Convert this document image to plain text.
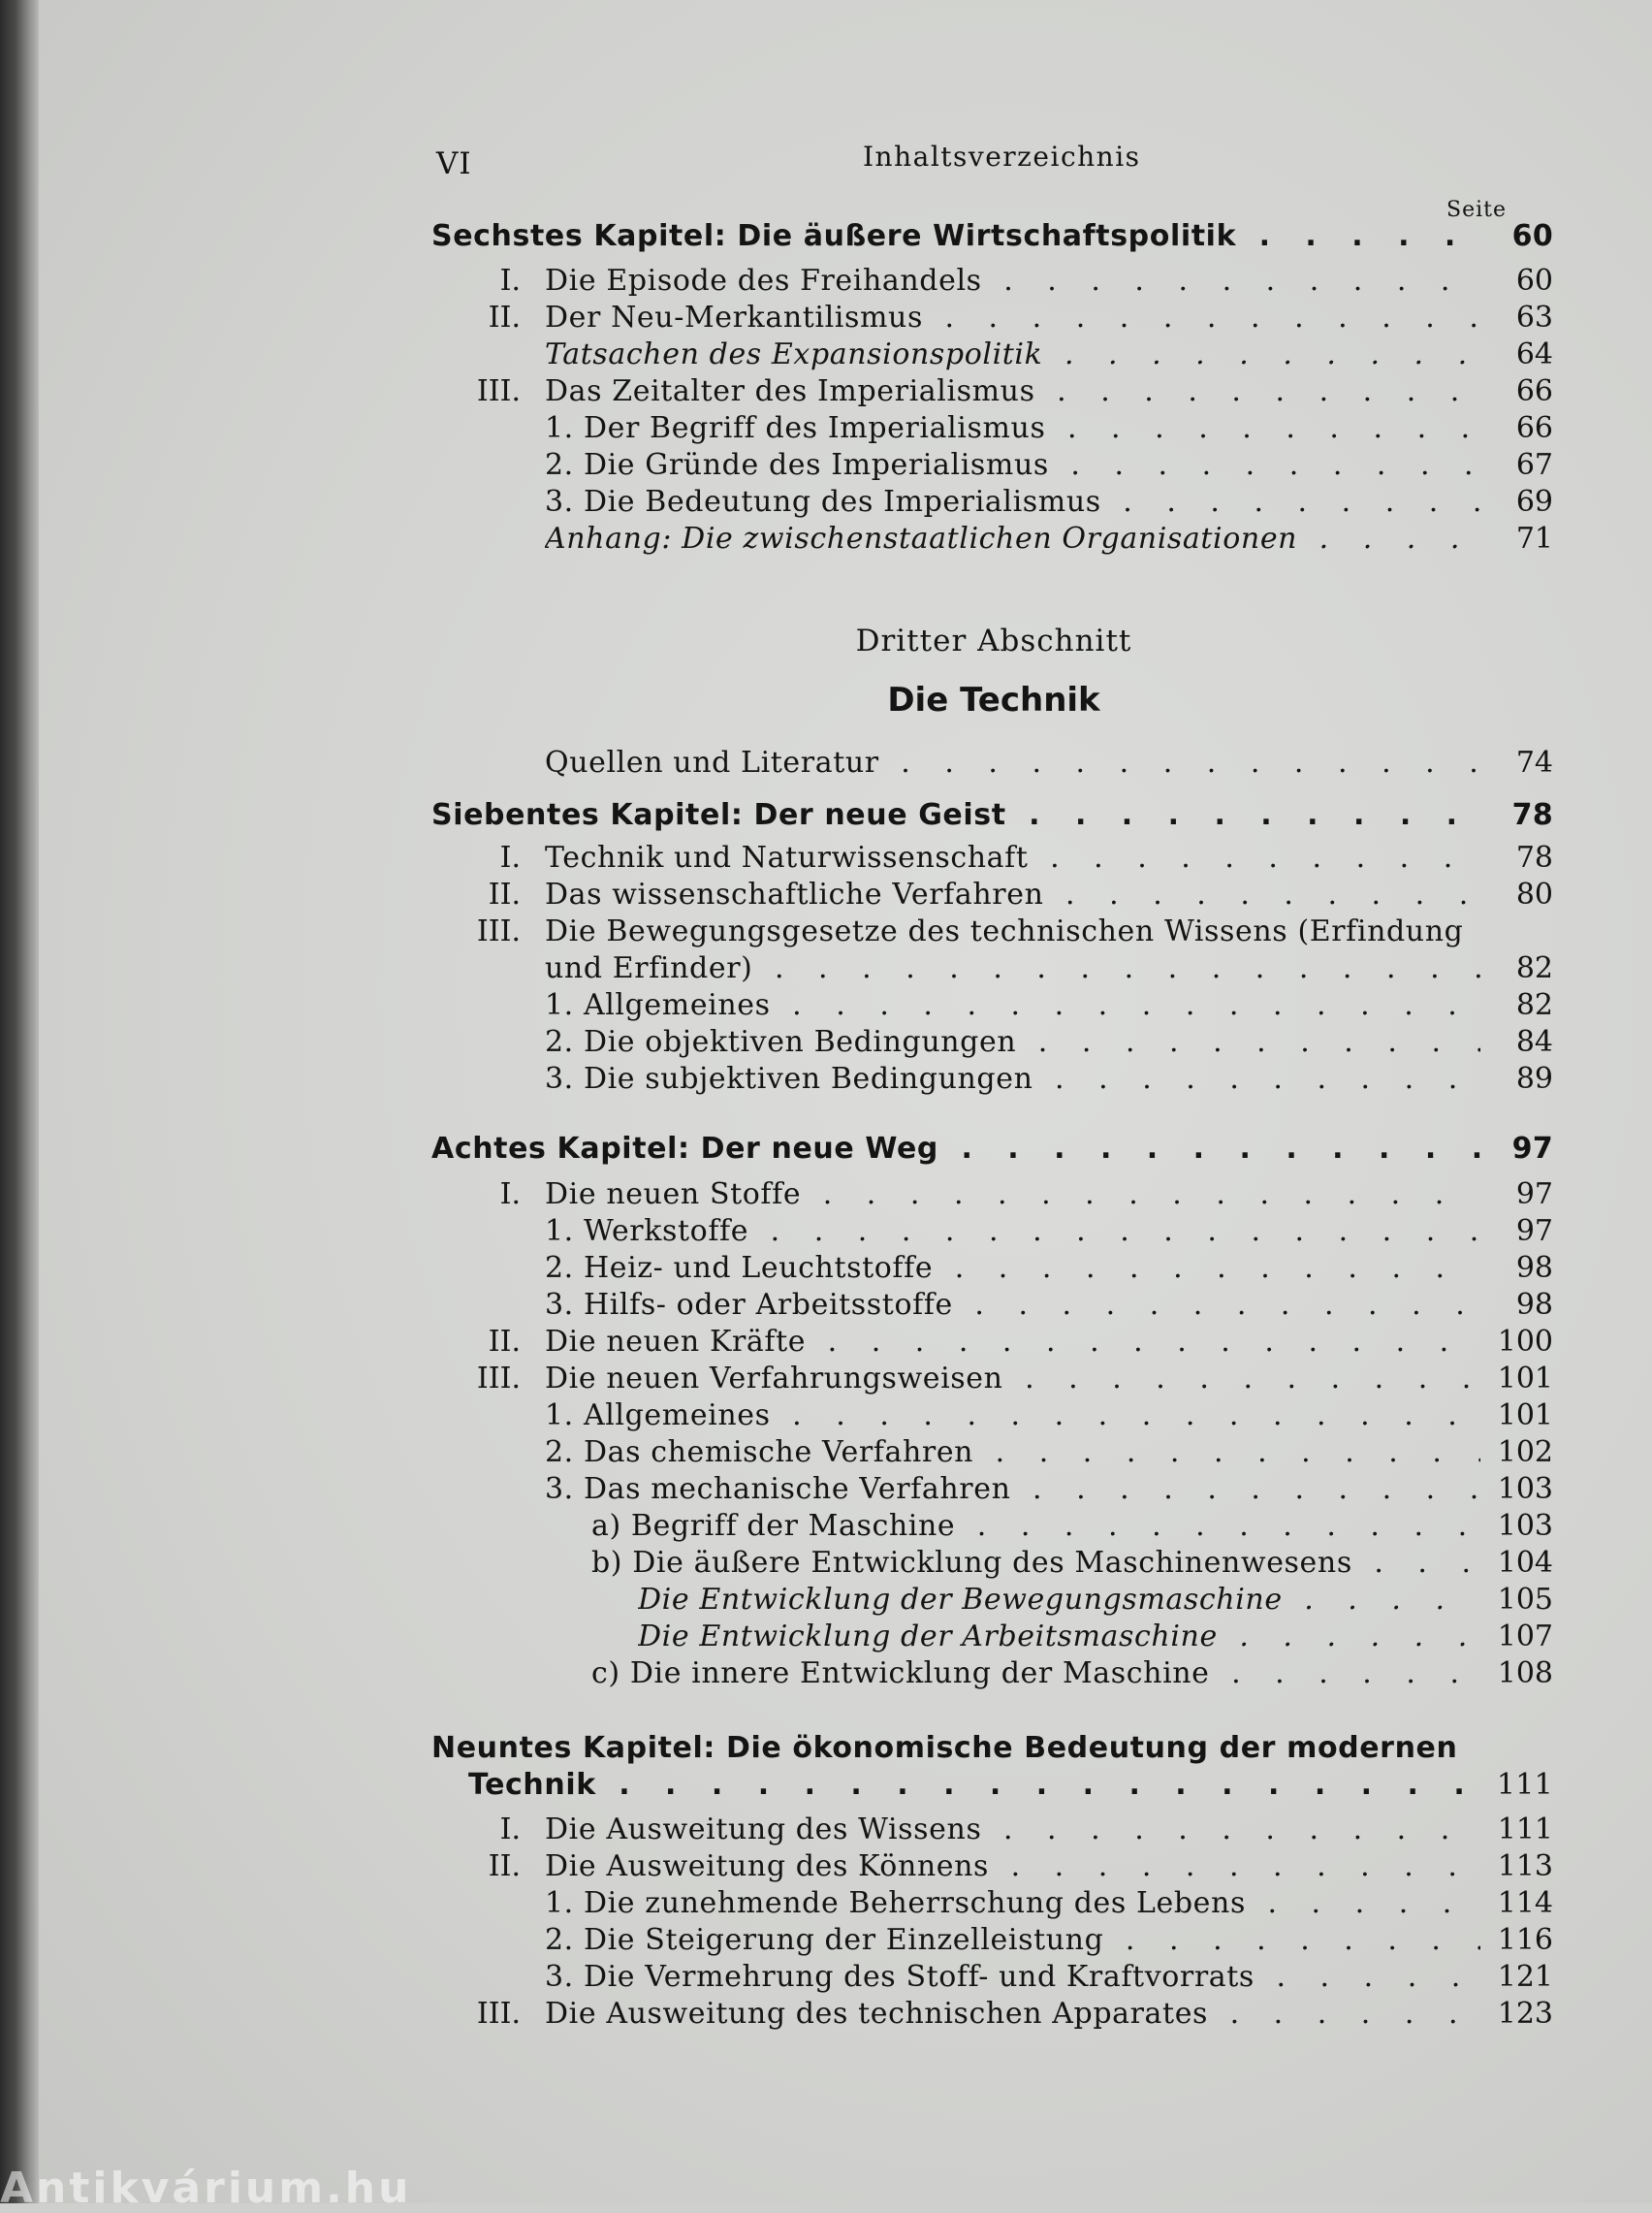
VI	Inhaltsverzeichnis
Seite
Sechstes Kapitel: Die äußere Wirtschaftspolitik . . .	60
I. Die Episode des Freihandels . . .	60
II. Der Neu-Merkantilismus . . .	63
Tatsachen des Expansionspolitik . . .	64
III. Das Zeitalter des Imperialismus . . .	66
1. Der Begriff des Imperialismus . . .	66
2. Die Gründe des Imperialismus . . .	67
3. Die Bedeutung des Imperialismus . . .	69
Anhang: Die zwischenstaatlichen Organisationen . . .	71
Dritter Abschnitt
Die Technik
Quellen und Literatur . . .	74
Siebentes Kapitel: Der neue Geist . . .	78
I. Technik und Naturwissenschaft . . .	78
II. Das wissenschaftliche Verfahren . . .	80
III. Die Bewegungsgesetze des technischen Wissens (Erfindung
und Erfinder) . . .	82
1. Allgemeines . . .	82
2. Die objektiven Bedingungen . . .	84
3. Die subjektiven Bedingungen . . .	89
Achtes Kapitel: Der neue Weg . . .	97
I. Die neuen Stoffe . . .	97
1. Werkstoffe . . .	97
2. Heiz- und Leuchtstoffe . . .	98
3. Hilfs- oder Arbeitsstoffe . . .	98
II. Die neuen Kräfte . . .	100
III. Die neuen Verfahrungsweisen . . .	101
1. Allgemeines . . .	101
2. Das chemische Verfahren . . .	102
3. Das mechanische Verfahren . . .	103
a) Begriff der Maschine . . .	103
b) Die äußere Entwicklung des Maschinenwesens . . .	104
Die Entwicklung der Bewegungsmaschine . . .	105
Die Entwicklung der Arbeitsmaschine . . .	107
c) Die innere Entwicklung der Maschine . . .	108
Neuntes Kapitel: Die ökonomische Bedeutung der modernen
Technik . . .	111
I. Die Ausweitung des Wissens . . .	111
II. Die Ausweitung des Könnens . . .	113
1. Die zunehmende Beherrschung des Lebens . . .	114
2. Die Steigerung der Einzelleistung . . .	116
3. Die Vermehrung des Stoff- und Kraftvorrats . . .	121
III. Die Ausweitung des technischen Apparates . . .	123
Antikvárium.hu
